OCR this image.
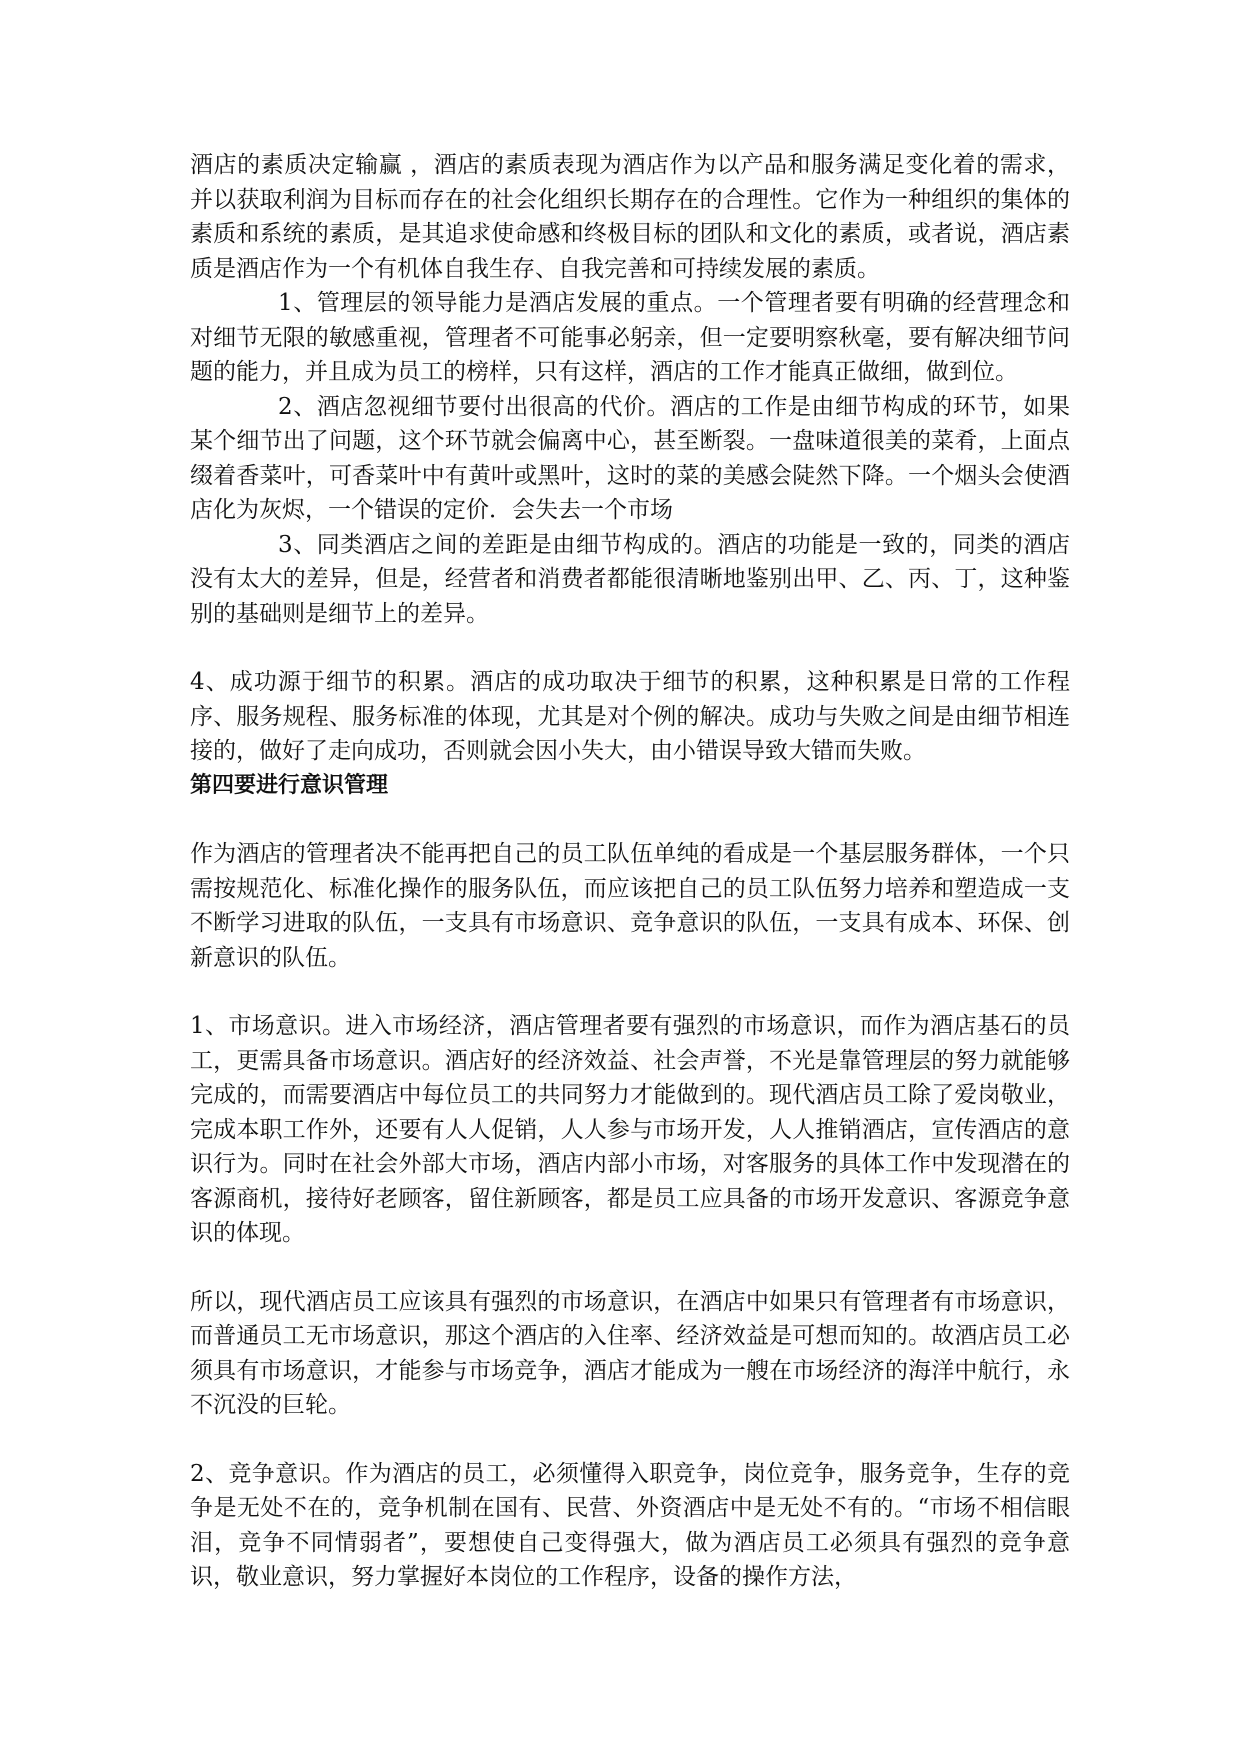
酒店的素质决定输赢 ，酒店的素质表现为酒店作为以产品和服务满足变化着的需求，并以获取利润为目标而存在的社会化组织长期存在的合理性。它作为一种组织的集体的素质和系统的素质，是其追求使命感和终极目标的团队和文化的素质，或者说，酒店素质是酒店作为一个有机体自我生存、自我完善和可持续发展的素质。

1、管理层的领导能力是酒店发展的重点。一个管理者要有明确的经营理念和对细节无限的敏感重视，管理者不可能事必躬亲，但一定要明察秋毫，要有解决细节问题的能力，并且成为员工的榜样，只有这样，酒店的工作才能真正做细，做到位。

2、酒店忽视细节要付出很高的代价。酒店的工作是由细节构成的环节，如果某个细节出了问题，这个环节就会偏离中心，甚至断裂。一盘味道很美的菜肴，上面点缀着香菜叶，可香菜叶中有黄叶或黑叶，这时的菜的美感会陡然下降。一个烟头会使酒店化为灰烬，一个错误的定价．会失去一个市场

3、同类酒店之间的差距是由细节构成的。酒店的功能是一致的，同类的酒店没有太大的差异，但是，经营者和消费者都能很清晰地鉴别出甲、乙、丙、丁，这种鉴别的基础则是细节上的差异。

4、成功源于细节的积累。酒店的成功取决于细节的积累，这种积累是日常的工作程序、服务规程、服务标准的体现，尤其是对个例的解决。成功与失败之间是由细节相连接的，做好了走向成功，否则就会因小失大，由小错误导致大错而失败。

第四要进行意识管理

作为酒店的管理者决不能再把自己的员工队伍单纯的看成是一个基层服务群体，一个只需按规范化、标准化操作的服务队伍，而应该把自己的员工队伍努力培养和塑造成一支不断学习进取的队伍，一支具有市场意识、竞争意识的队伍，一支具有成本、环保、创新意识的队伍。

1、市场意识。进入市场经济，酒店管理者要有强烈的市场意识，而作为酒店基石的员工，更需具备市场意识。酒店好的经济效益、社会声誉，不光是靠管理层的努力就能够完成的，而需要酒店中每位员工的共同努力才能做到的。现代酒店员工除了爱岗敬业，完成本职工作外，还要有人人促销，人人参与市场开发，人人推销酒店，宣传酒店的意识行为。同时在社会外部大市场，酒店内部小市场，对客服务的具体工作中发现潜在的客源商机，接待好老顾客，留住新顾客，都是员工应具备的市场开发意识、客源竞争意识的体现。

所以，现代酒店员工应该具有强烈的市场意识，在酒店中如果只有管理者有市场意识，而普通员工无市场意识，那这个酒店的入住率、经济效益是可想而知的。故酒店员工必须具有市场意识，才能参与市场竞争，酒店才能成为一艘在市场经济的海洋中航行，永不沉没的巨轮。

2、竞争意识。作为酒店的员工，必须懂得入职竞争，岗位竞争，服务竞争，生存的竞争是无处不在的，竞争机制在国有、民营、外资酒店中是无处不有的。“市场不相信眼泪，竞争不同情弱者”，要想使自己变得强大，做为酒店员工必须具有强烈的竞争意识，敬业意识，努力掌握好本岗位的工作程序，设备的操作方法，
